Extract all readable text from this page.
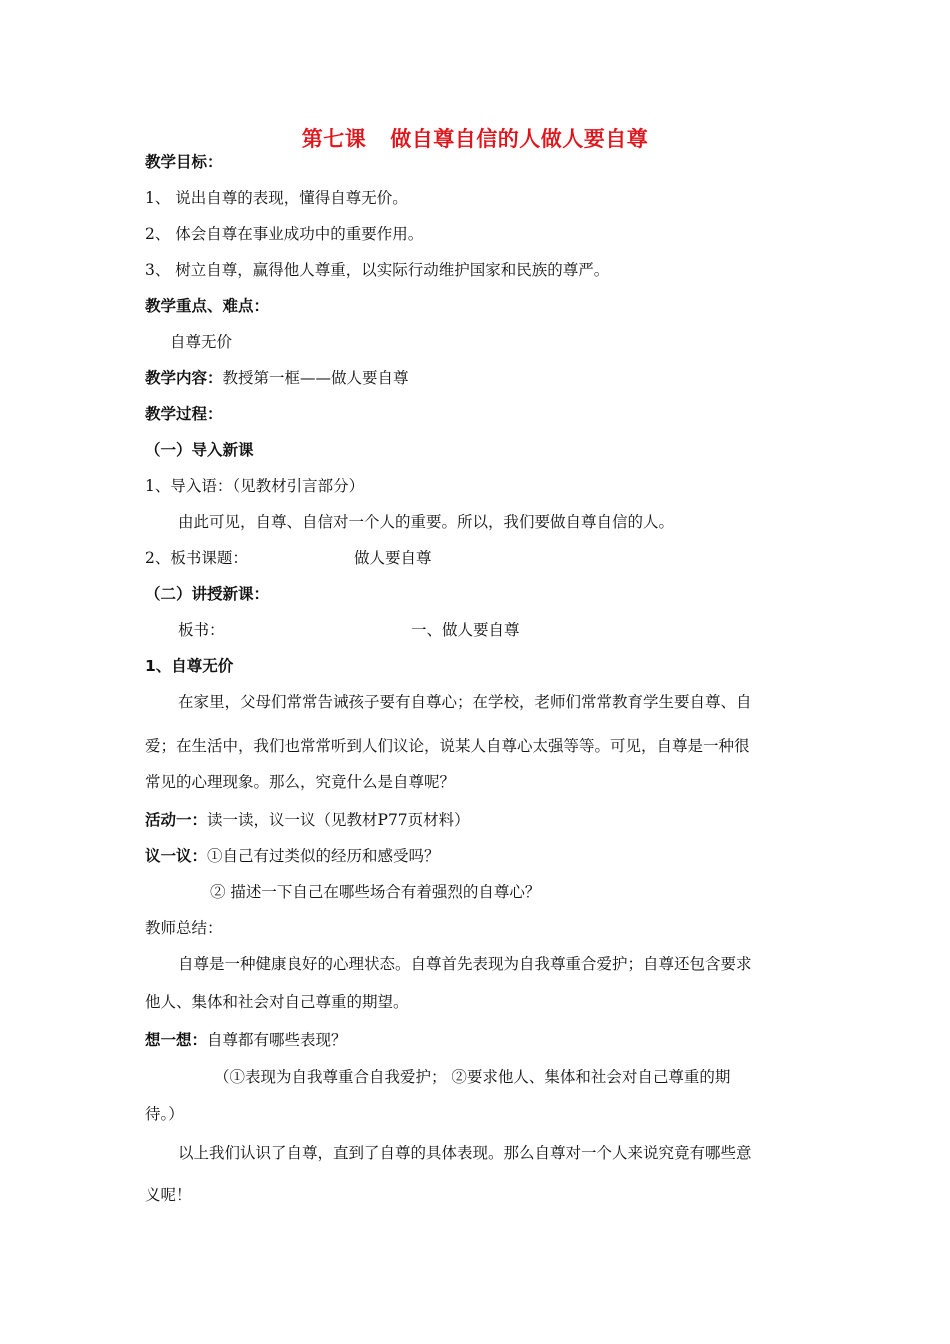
第七课 做自尊自信的人做人要自尊
教学目标：
1、 说出自尊的表现，懂得自尊无价。
2、 体会自尊在事业成功中的重要作用。
3、 树立自尊，赢得他人尊重，以实际行动维护国家和民族的尊严。
教学重点、难点：
自尊无价
教学内容：教授第一框——做人要自尊
教学过程：
（一）导入新课
1、导入语：（见教材引言部分）
由此可见，自尊、自信对一个人的重要。所以，我们要做自尊自信的人。
2、板书课题：	做人要自尊
（二）讲授新课：
板书：	一、做人要自尊
1、自尊无价
在家里，父母们常常告诫孩子要有自尊心；在学校，老师们常常教育学生要自尊、自
爱；在生活中，我们也常常听到人们议论，说某人自尊心太强等等。可见，自尊是一种很
常见的心理现象。那么，究竟什么是自尊呢？
活动一：读一读，议一议（见教材P77页材料）
议一议：①自己有过类似的经历和感受吗？
② 描述一下自己在哪些场合有着强烈的自尊心？
教师总结：
自尊是一种健康良好的心理状态。自尊首先表现为自我尊重合爱护；自尊还包含要求
他人、集体和社会对自己尊重的期望。
想一想：自尊都有哪些表现？
（①表现为自我尊重合自我爱护； ②要求他人、集体和社会对自己尊重的期
待。）
以上我们认识了自尊，直到了自尊的具体表现。那么自尊对一个人来说究竟有哪些意
义呢！
